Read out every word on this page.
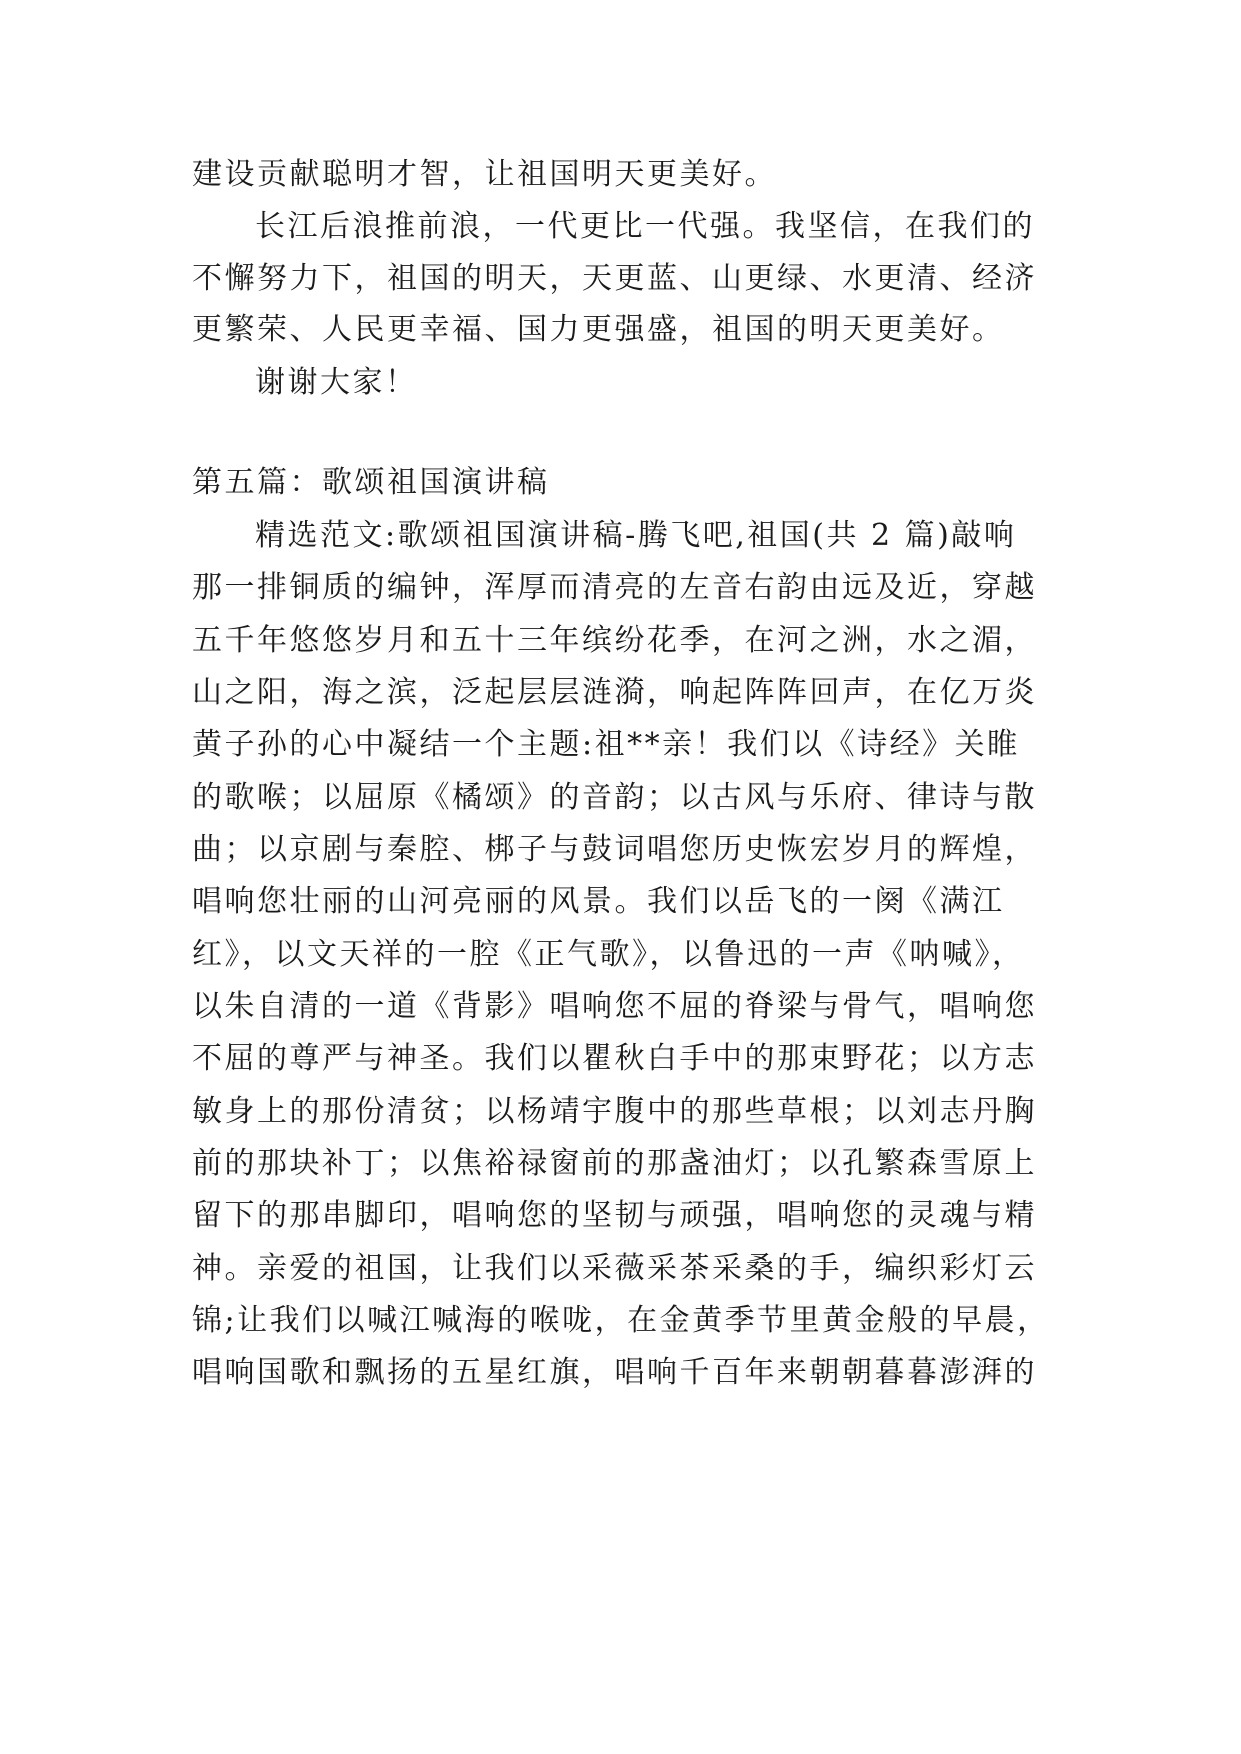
建设贡献聪明才智，让祖国明天更美好。
长江后浪推前浪，一代更比一代强。我坚信，在我们的
不懈努力下，祖国的明天，天更蓝、山更绿、水更清、经济
更繁荣、人民更幸福、国力更强盛，祖国的明天更美好。
谢谢大家！
第五篇：歌颂祖国演讲稿
精选范文:歌颂祖国演讲稿-腾飞吧,祖国(共 2 篇)敲响
那一排铜质的编钟，浑厚而清亮的左音右韵由远及近，穿越
五千年悠悠岁月和五十三年缤纷花季，在河之洲，水之湄，
山之阳，海之滨，泛起层层涟漪，响起阵阵回声，在亿万炎
黄子孙的心中凝结一个主题:祖**亲！我们以《诗经》关睢
的歌喉；以屈原《橘颂》的音韵；以古风与乐府、律诗与散
曲；以京剧与秦腔、梆子与鼓词唱您历史恢宏岁月的辉煌，
唱响您壮丽的山河亮丽的风景。我们以岳飞的一阕《满江
红》，以文天祥的一腔《正气歌》，以鲁迅的一声《呐喊》，
以朱自清的一道《背影》唱响您不屈的脊梁与骨气，唱响您
不屈的尊严与神圣。我们以瞿秋白手中的那束野花；以方志
敏身上的那份清贫；以杨靖宇腹中的那些草根；以刘志丹胸
前的那块补丁；以焦裕禄窗前的那盏油灯；以孔繁森雪原上
留下的那串脚印，唱响您的坚韧与顽强，唱响您的灵魂与精
神。亲爱的祖国，让我们以采薇采茶采桑的手，编织彩灯云
锦;让我们以喊江喊海的喉咙，在金黄季节里黄金般的早晨，
唱响国歌和飘扬的五星红旗，唱响千百年来朝朝暮暮澎湃的
